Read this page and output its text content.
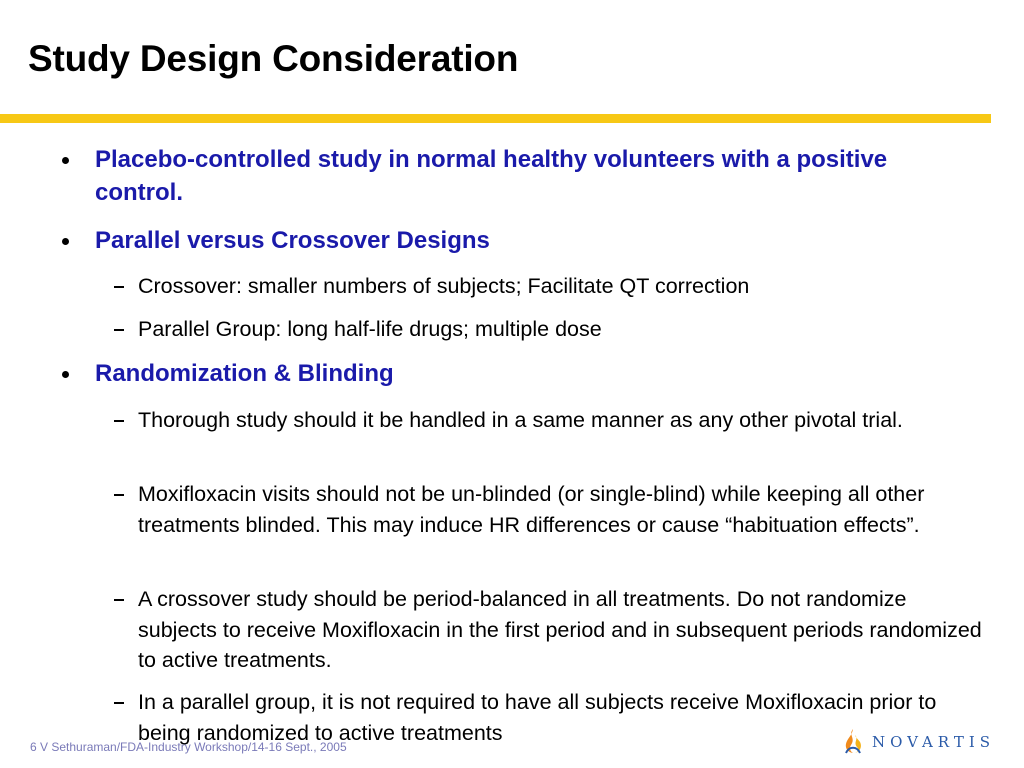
Study Design Consideration

Placebo-controlled study in normal healthy volunteers with a positive control.

Parallel versus Crossover Designs

Crossover: smaller numbers of subjects; Facilitate QT correction

Parallel Group: long half-life drugs; multiple dose

Randomization & Blinding

Thorough study should it be handled in a same manner as any other pivotal trial.

Moxifloxacin visits should not be un-blinded (or single-blind) while keeping all other treatments blinded. This may induce HR differences or cause “habituation effects”.

A crossover study should be period-balanced in all treatments. Do not randomize subjects to receive Moxifloxacin in the first period and in subsequent periods randomized to active treatments.

In a parallel group, it is not required to have all subjects receive Moxifloxacin prior to being randomized to active treatments

6 V Sethuraman/FDA-Industry Workshop/14-16 Sept., 2005	NOVARTIS
